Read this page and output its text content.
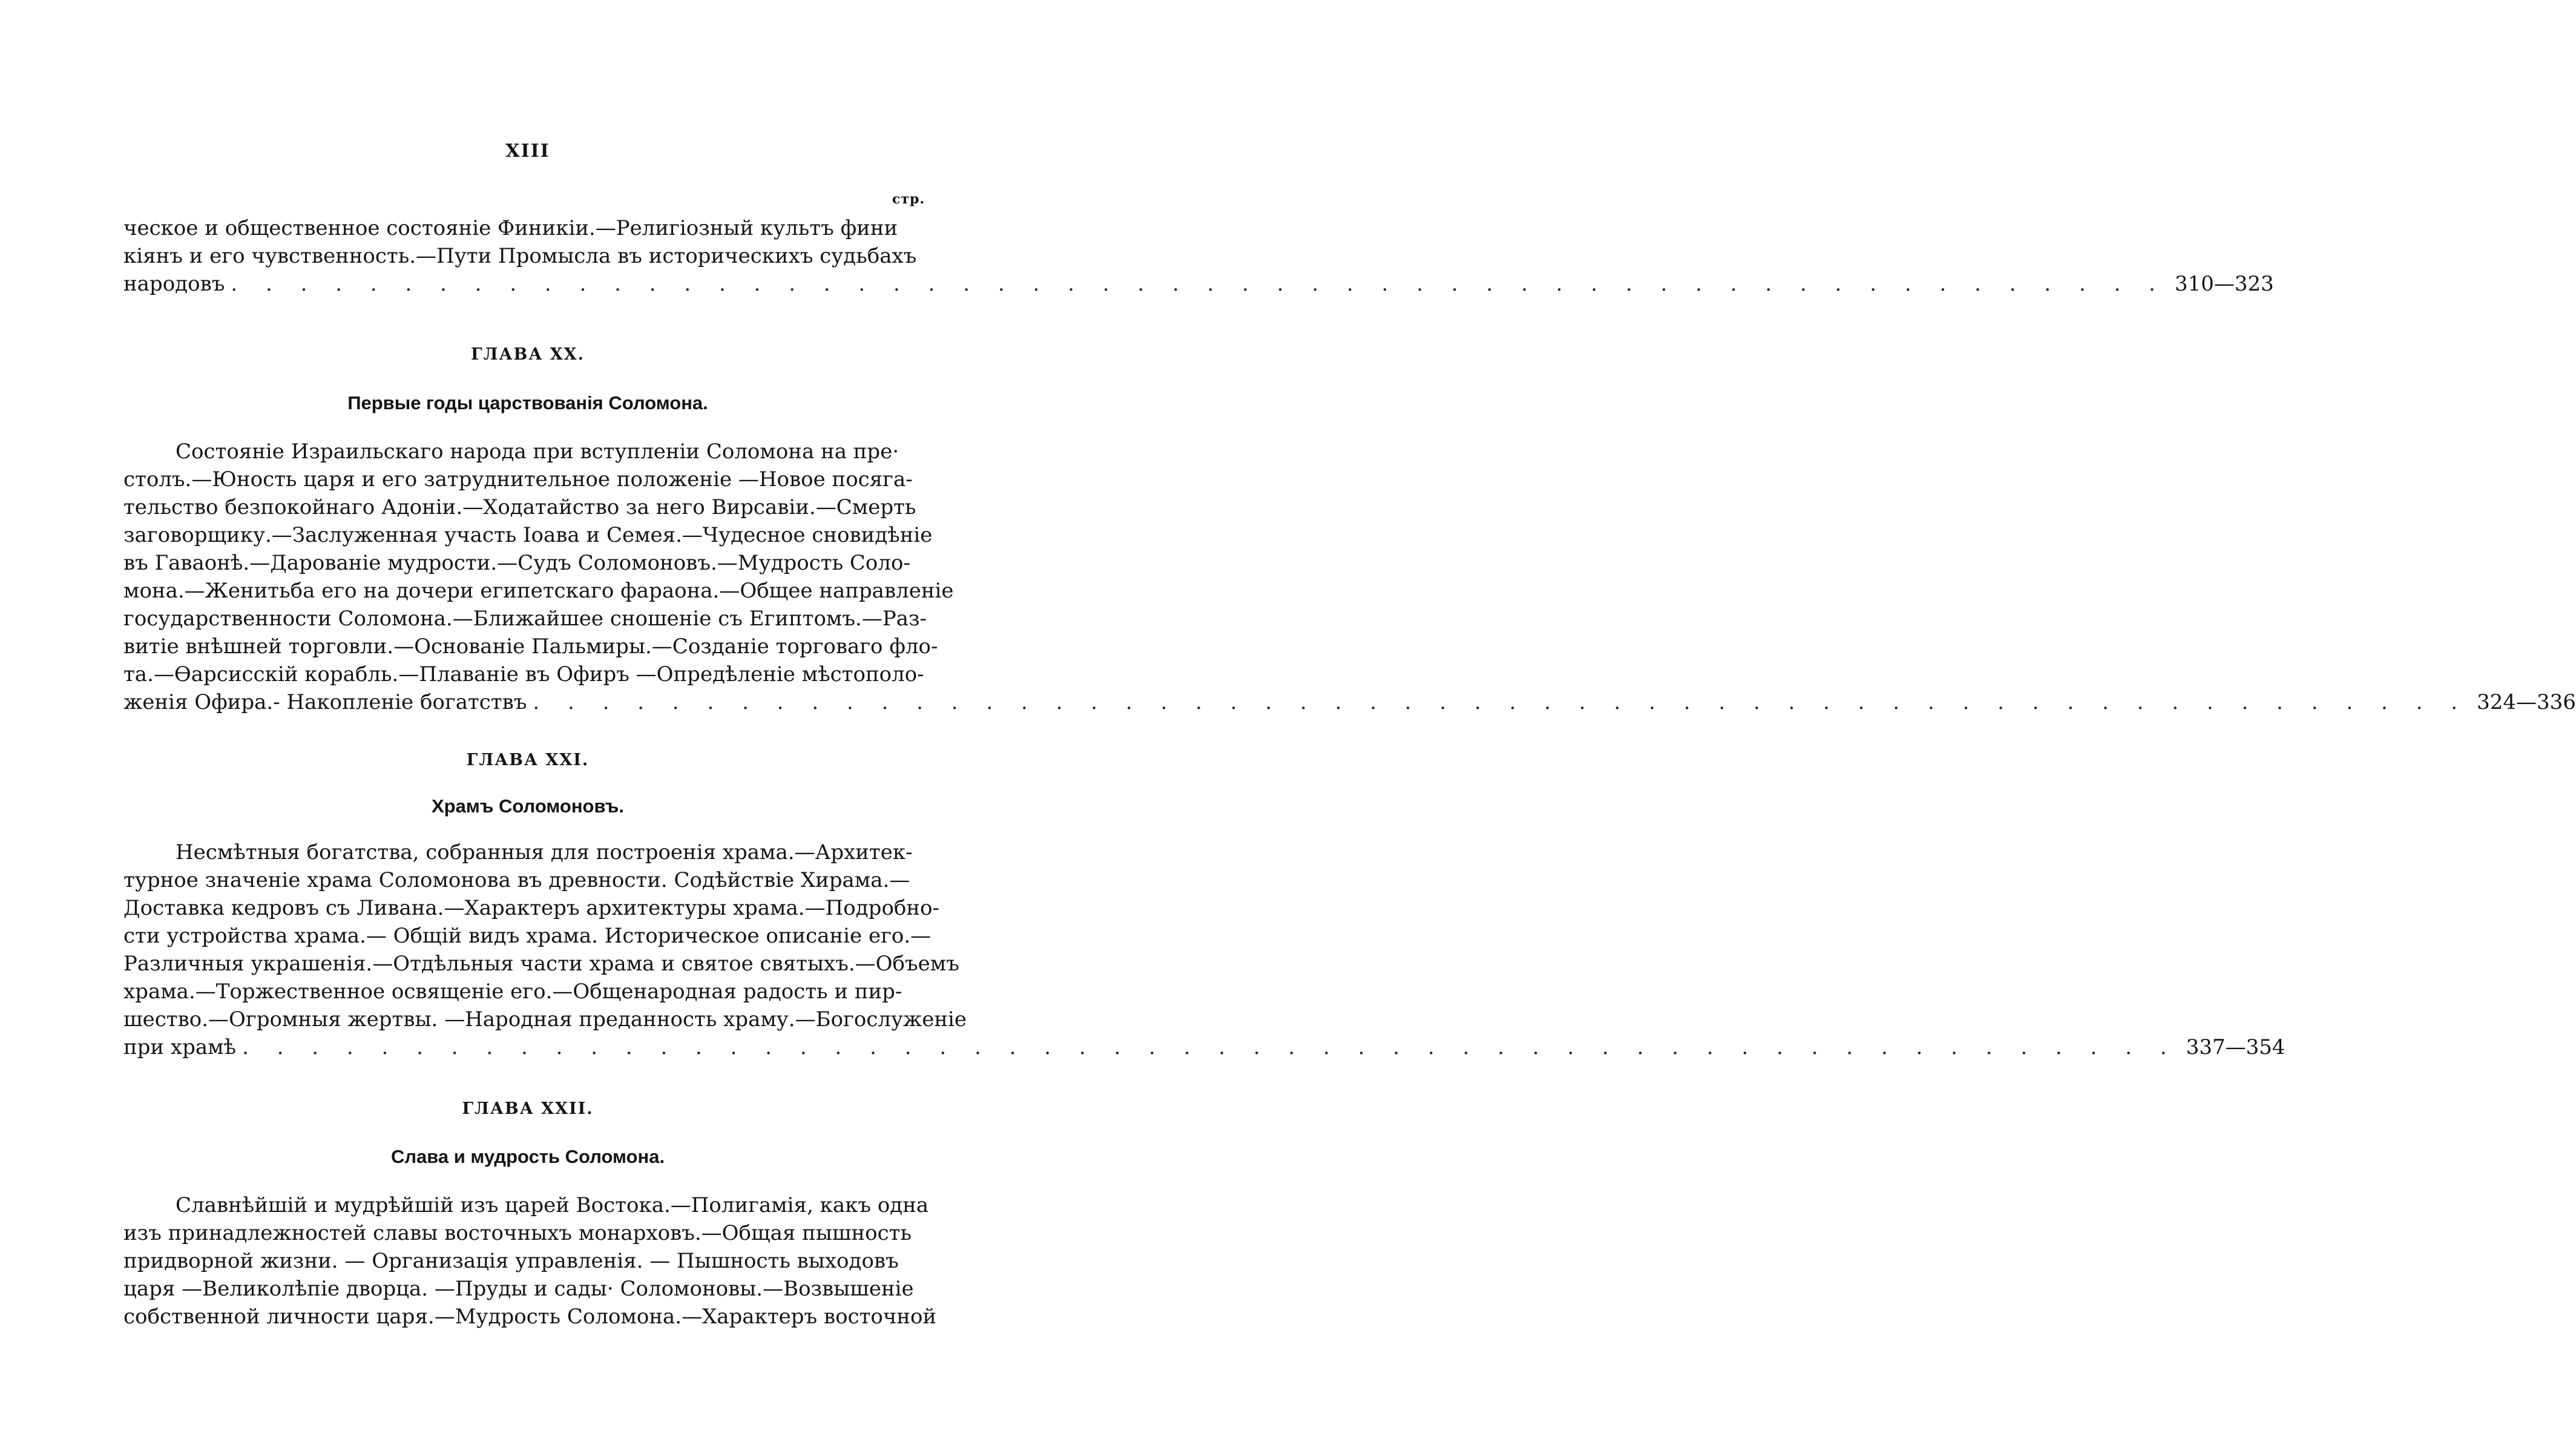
XIII
стр.
ческое и общественное состоянiе Финикiи.—Религiозный культъ фини
кiянъ и его чувственность.—Пути Промысла въ историческихъ судьбахъ
народовъ . . . . . . . . . . . . . . . . . . . . . . . . . . . . . . . . . . . . . . . . . . . . . . . . . . . . . . . . 310—323
ГЛАВА XX.
Первые годы царствованiя Соломона.
Состоянiе Израильскаго народа при вступленiи Соломона на пре·
столъ.—Юность царя и его затруднительное положенiе —Новое посяга-
тельство безпокойнаго Адонiи.—Ходатайство за него Вирсавiи.—Смерть
заговорщику.—Заслуженная участь Iоава и Семея.—Чудесное сновидѣнiе
въ Гаваонѣ.—Дарованiе мудрости.—Судъ Соломоновъ.—Мудрость Соло-
мона.—Женитьба его на дочери египетскаго фараона.—Общее направленiе
государственности Соломона.—Ближайшее сношенiе съ Египтомъ.—Раз-
витiе внѣшней торговли.—Основанiе Пальмиры.—Созданiе торговаго фло-
та.—Ѳарсисскiй корабль.—Плаванiе въ Офиръ —Опредѣленiе мѣстополо-
женiя Офира.- Накопленiе богатствъ . . . . . . . . . . . . . . . . . . . . . . . . . . . . . . . . . . . . . . . . . . . . . . . . . . . . . . . . 324—336
ГЛАВА XXI.
Храмъ Соломоновъ.
Несмѣтныя богатства, собранныя для построенiя храма.—Архитек-
турное значенiе храма Соломонова въ древности. Содѣйствiе Хирама.—
Доставка кедровъ съ Ливана.—Характеръ архитектуры храма.—Подробно-
сти устройства храма.— Общiй видъ храма. Историческое описанiе его.—
Различныя украшенiя.—Отдѣльныя части храма и святое святыхъ.—Объемъ
храма.—Торжественное освященiе его.—Общенародная радость и пир-
шество.—Огромныя жертвы. —Народная преданность храму.—Богослуженiе
при храмѣ . . . . . . . . . . . . . . . . . . . . . . . . . . . . . . . . . . . . . . . . . . . . . . . . . . . . . . . . 337—354
ГЛАВА XXII.
Слава и мудрость Соломона.
Славнѣйшiй и мудрѣйшiй изъ царей Востока.—Полигамiя, какъ одна
изъ принадлежностей славы восточныхъ монарховъ.—Общая пышность
придворной жизни. — Организацiя управленiя. — Пышность выходовъ
царя —Великолѣпiе дворца. —Пруды и сады· Соломоновы.—Возвышенiе
собственной личности царя.—Мудрость Соломона.—Характеръ восточной
